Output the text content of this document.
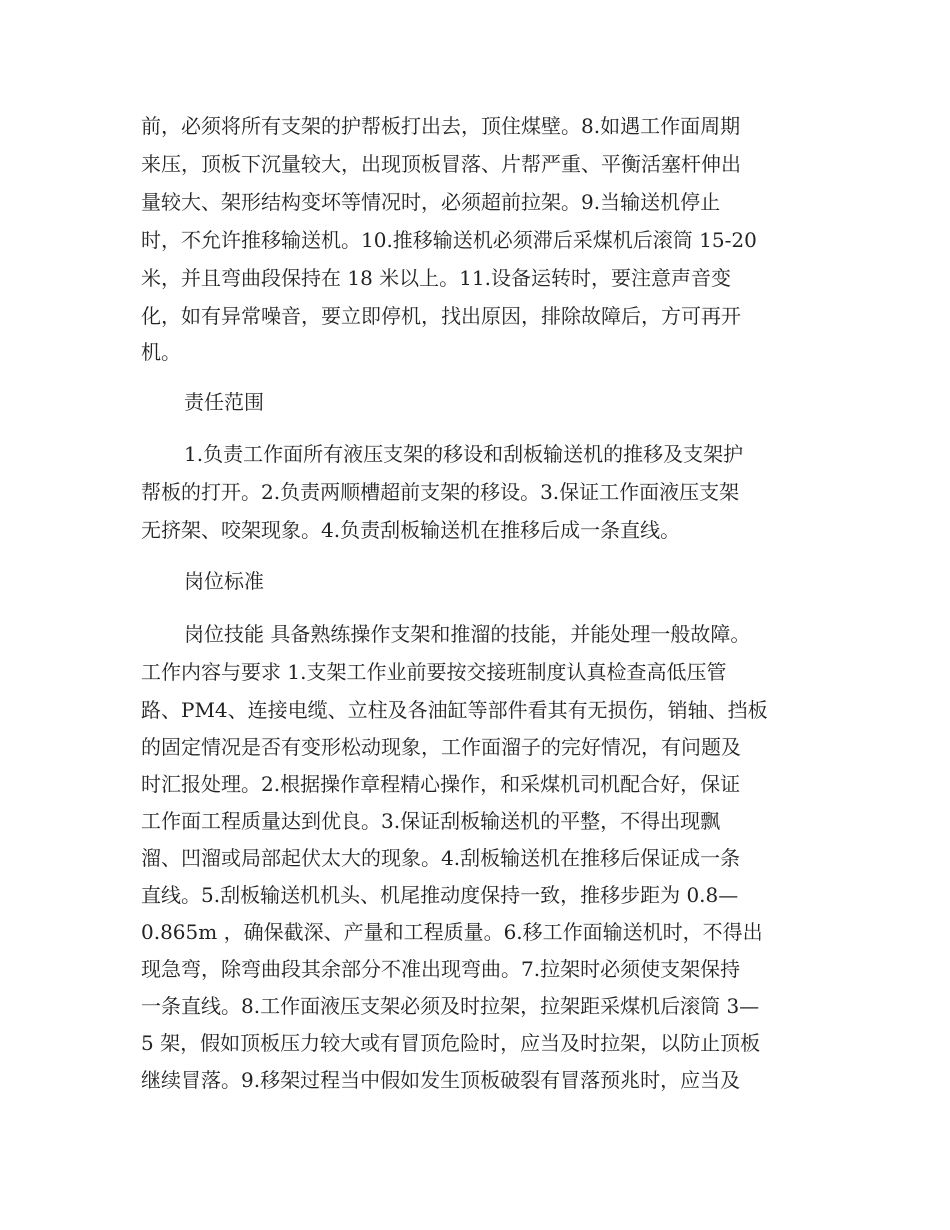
前，必须将所有支架的护帮板打出去，顶住煤壁。8.如遇工作面周期
来压，顶板下沉量较大，出现顶板冒落、片帮严重、平衡活塞杆伸出
量较大、架形结构变坏等情况时，必须超前拉架。9.当输送机停止
时，不允许推移输送机。10.推移输送机必须滞后采煤机后滚筒 15-20
米，并且弯曲段保持在 18 米以上。11.设备运转时，要注意声音变
化，如有异常噪音，要立即停机，找出原因，排除故障后，方可再开
机。
责任范围
1.负责工作面所有液压支架的移设和刮板输送机的推移及支架护
帮板的打开。2.负责两顺槽超前支架的移设。3.保证工作面液压支架
无挤架、咬架现象。4.负责刮板输送机在推移后成一条直线。
岗位标准
岗位技能 具备熟练操作支架和推溜的技能，并能处理一般故障。
工作内容与要求 1.支架工作业前要按交接班制度认真检查高低压管
路、PM4、连接电缆、立柱及各油缸等部件看其有无损伤，销轴、挡板
的固定情况是否有变形松动现象，工作面溜子的完好情况，有问题及
时汇报处理。2.根据操作章程精心操作，和采煤机司机配合好，保证
工作面工程质量达到优良。3.保证刮板输送机的平整，不得出现飘
溜、凹溜或局部起伏太大的现象。4.刮板输送机在推移后保证成一条
直线。5.刮板输送机机头、机尾推动度保持一致，推移步距为 0.8—
0.865m ，确保截深、产量和工程质量。6.移工作面输送机时，不得出
现急弯，除弯曲段其余部分不准出现弯曲。7.拉架时必须使支架保持
一条直线。8.工作面液压支架必须及时拉架，拉架距采煤机后滚筒 3—
5 架，假如顶板压力较大或有冒顶危险时，应当及时拉架，以防止顶板
继续冒落。9.移架过程当中假如发生顶板破裂有冒落预兆时，应当及
